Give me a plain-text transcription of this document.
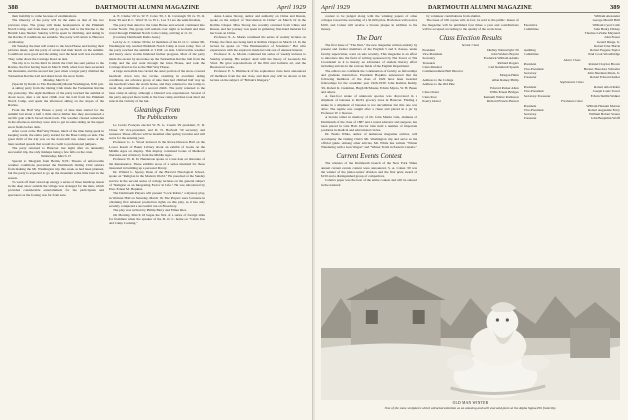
388	DARTMOUTH ALUMNI MAGAZINE	April 1929

their inability to come because of examinations.

The itinerary of the party will be the same as that of the two previous trips. The group will make headquarters at the Pinkham Notch Camp, and from there will go up the trail to the Ravine to the Hermit Lake Shelter. Sunday will be spent in climbing, and skiing in the Ravine if conditions are suitable. The party will return to Hanover on Monday.

On Tuesday the men will return to the Glen House and having their pictures taken, and the party of seven had their lunch on the summit. Conditions were good and the skiing over the head wall was excellent. They came down the Carriage Road on skis.

The trip is to be the third in which the Club has sent parties to the Ravine, the first having been in March 1926, when four men ascended the mountain, and the second last year when a larger party climbed the Tuckerman Ravine trail and skied down the snow fields.

Monday, March 11

(Special by Radio to The Dartmouth) Mount Washington, 8:30 p.m.

A skiing party from the Outing Club made the Tuckerman Ravine trip yesterday. The eight members of the party reached the summit at about noon, after a six hour climb over the trail from the Pinkham Notch Camp, and spent the afternoon skiing on the slopes of the Ravine.

From the Half Way House a party of nine men started for the summit but about a half a mile above timber line they encountered a terrific gale which forced them back. The weather cleared somewhat in the afternoon and they were able to get in some skiing on the upper snow fields before dark.

After a rest at the Half Way House, much of the time being spent in keeping warm, the entire party started for the Base Camp on skis. The great thrill of the trip was on the down-hill run, where some of the men reached speeds that would do credit to professional jumpers.

The party returned to Hanover last night after an unusually successful trip, the only mishaps being a few falls on the crust.

Wednesday, March 13

Special to Telegram from Berlin, N.H.: Threats of unfavorable weather conditions prevented the Dartmouth Outing Club seniors from making the Mt. Washington trip this week as had been planned, but the party is expected to go up the mountain some time later in the season.

To wash off their stored-up energy a series of three handicap meets in the deep snow outside the village was arranged for the men, which provided considerable entertainment for the participants and spectators as the footing was far from sure.

A. E. Clarke '29 vs. W. F. Coles '30, J. R. Cavanagh '29 vs. W. O. Kane '29 and R. C. Ward '31 vs. H. L. Lee '31 are the semi-finalists.

The party then skied to the Glen House and several continued into Carter Notch. The group will remain over night at Gorham and then travel through Pinkham Notch to the Camp, arriving at 11.15.

(Courtesy Dartmouth Radio Assn.)

Led by A. C. Clarke '29 the 12 members of the D. O. C. winter Mt. Washington trip reached Pinkham Notch Camp at noon today. Two of the party reached the summit at 3 P.M. on skis. Unfavorable weather and heavy snow storms hindered further progress. Most of the party made the ascent by snowshoe up the Tuckerman Ravine trail from the Camp and the rest went through the Glen House, and rode the Carriage Road as far as the Half Way House.

A large snowslide has carried the outer portion of the snow-covered headwall down into the ravine, resulting in excellent skiing conditions. An advance group of nine men had climbed half way up the headwall when the storm broke, and they returned to the Camp to await the possibilities of a second climb. The party returned to the base camp in safety, although a blizzard was experienced. Several of the party enjoyed more baths at the base camp and then took short ski runs in the vicinity of the hut.

Gleanings From
The Publications

Le Cercle Français elected W. B. G. Cassin '29 president, E. D. Chase '29 vice-president, and D. N. Bodwell '30 secretary and treasurer. These officers will be installed after spring vacation and will serve for the ensuing year.

Professor G. C. Wood lectured in the Rowe-Dawson Hall on the Lower Room of Baker Library about an exhibit of books on the Middle Ages on display. This display contained books of Medieval literature and of history from the Middle Ages.

Professor W. R. D. Henderson spoke at a late date on literature of the Renaissance. These exhibits arose of a series intended for those interested in building up a personal library.

Dr. Willard L. Sperry, Dean of the Harvard Theological School, spoke on "Religion in the Modern World." He preached at the Sunday service in the second series of college lectures on the general subject of "Religion as an Integrating Factor in Life." He was introduced by Pres. Ernest M. Hopkins.

The Dartmouth Players will present "Cock Robin," a mystery play, in Webster Hall on Saturday, March 16. The Players were fortunate in obtaining first amateur production rights on this play, as it has only recently completed a successful run on Broadway.

The play was written by Phillip Barry and Elmer Rice.

On Monday, March 18 began the first of a series of foreign talks for freshmen when the speaker of the D. O. C. home on "Cabin Use and Camp Cooking."

Anna Louise Strong, author and authority on China and Russia, spoke on the subject of "Revolution in China" on March 19 in the Rollins Chapel. Miss Strong has recently returned from China and Russia, and her journey was spent in gathering first-hand material for her book on China.

Professor X. A. Marks continued his series of weekly lectures on Friday, the final one being held at Rollins Chapel on March 13. In the lecture he spoke on "The Hermeneutics of Scientists." Her wife experiences with the explorers made her talk one of unusual interest.

Professor X. A. Morris continued his series of weekly lectures to Sunday evening. His subject dealt with the theory of Leonardo Da Vinci. He gave reproductions of the Pitti and Galleria art, and the Buonarroti works.

Professor E. S. Dimmock of the sophomore class have announced 20 members from the last class, and their stay will be shown at his lecture on the subject of "Britain's Imagery."

April 1929	DARTMOUTH ALUMNI MAGAZINE	389

contest to be judged along with the winning papers of other colleges toward the awarding of a $1,000 prize. Both men will receive $100, and Cohen will receive a bronze plaque in addition to the money.

The Dart

The first issue of "The Dart," the new magazine written entirely by present and former members of the English 5 and 6 classes, under faculty supervision, went on sale recently. This magazine is an effort to introduce into the field of writing sponsored by The Tower or The Crossbeam as it is merely an adventure of student literary effort including articles in the various fields of the English Department.

The editors are confident the continuation of faculty as fellowships and graduate instruction. President Hopkins announced that the following members of the class of 1929 have been awarded fellowships for the academic year 1929-1930: John Raddon Reddy, '29, Robert K. Cushman, Hugh McMaster, Edwin Myers, W. H. Bauer and others.

A four-foot snake of unknown species was discovered in a shipment of bananas to Rich's grocery store in Hanover. Finding a snake in a shipment of bananas is not uncommon but this one was alive. The reptile was caught after a chase and placed in a jar by Professor W. J. Reeves.

A bronze tablet in memory of Dr. John Martin Gile, alumnus of Dartmouth of the class of 1887 and a noted educator and surgeon, has been placed in Gile Hall. Doctor Gile held a number of important positions in medical and educational circles.

Dr. Eustis White, author of numerous magazine articles, will accompany the Outing Club's Mt. Washington trip and serve as the official guide. Among other articles, Mr. White has written "Winter Wandering with a Gun Wagon" and "Winter Trails in Eastern Canada."

Current Events Contest

The winners of the Dartmouth branch of the New York Times annual current events contest were announced. S. A. Cohen '29 was the winner of the junior-senior division and the first prize award of $150 and a distinguished group of competitors.

Cohen's paper was the best of the entire contest and will be entered in the national

by volunteer contributions from alumni.

The issue of 100 copies will, in fact, be sold to the public. Issues of the magazine will be published four times a year and contributions will be accepted according to the quality of the work done.

Class Election Results
Senior Class
President	Dudley Wainwright '29
Vice-President	John Walters Bryant
Secretary	Frederick William Adams
Treasurer	Richard Rogers
Class Marshal	Carl Reinhardt Spaeth
Commencement Bell Director
Morgan Hahn
Address to the College	Allan Rainey Philip
Address to the Old Pine
Edward Parker Allen
Class Orator	Willis Ernest Bridges
Class Poet	Kenneth Walter Robinson
Poetry Orator	Richard Francis Barrett
William Alexander
George Merrill Brill
Executive	William Cyrel Cobb
Committee	John Henry Dickey
Thomas LaSalle Maynard
John Fraser
Gerard Ringe, Jr.
Robert Ivler Harris
Auditing	Robert Eugene Taylor
Committee	Paul Cook Woodbridge
Junior Class
President	Roland Clayton Brown
Vice-President	Bernas Theodore Schrader
Secretary	John Sherman Mack, Jr.
Treasurer	Robert Edward Keller
Sophomore Class
President	Robert Allod Rolfe
Vice-President	Joseph Louis Tower
Secretary-Treasurer	Edwin Skillin Walker
Freshman Class
President	William Hassam Morton
Vice-President	Robert Augustine Ferry
Secretary	William Hobart Stoner
Treasurer	John Benjamin Wolff
OLD MAN WINTER
One of the snow sculptures which attracted attention as an amusing and well executed piece at the Alpha Sigma Phi fraternity.
